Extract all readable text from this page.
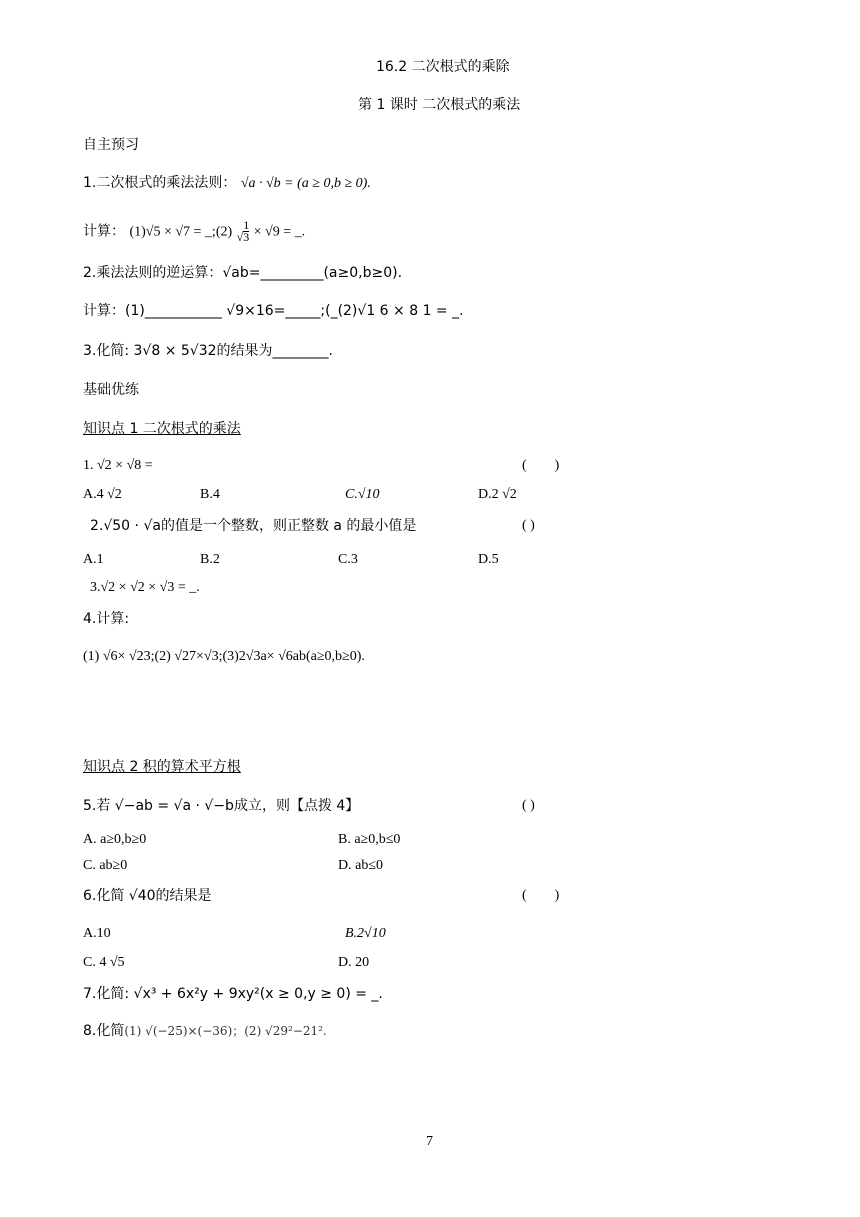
16.2 二次根式的乘除
第 1 课时 二次根式的乘法
自主预习
1.二次根式的乘法法则： √a · √b = (a ≥ 0,b ≥ 0).
计算： (1)√5 × √7 = _;(2) √ $\frac{1}{3} \times √9$ = _.
2.乘法法则的逆运算：√ab=_________(a≥0,b≥0).
计算：(1)___________ √9×16=_____;(_(2)√1 6 × 8 1 = _.
3.化简: 3√8 × 5√32的结果为________.
基础优练
知识点 1 二次根式的乘法
1. √2 × √8 =	(　　)
A.4 √2	B.4	C.√10	D.2 √2
2.√50 · √a的值是一个整数，则正整数 a 的最小值是	( )
A.1	B.2	C.3	D.5
3.√2 × √2 × √3 = _.
4.计算:
(1) √6× √23;(2) √27×√3;(3)2√3a× √6ab(a≥0,b≥0).
知识点 2 积的算术平方根
5.若 √−ab = √a · √−b成立，则【点拨 4】	( )
A. a≥0,b≥0	B. a≥0,b≤0
C. ab≥0	D. ab≤0
6.化简 √40的结果是	(　　)
A.10	B.2√10
C. 4 √5	D. 20
7.化简: √x³ + 6x²y + 9xy²(x ≥ 0,y ≥ 0) = _.
8.化简(1) √(−25)×(−36)；(2) √29²−21².
7
